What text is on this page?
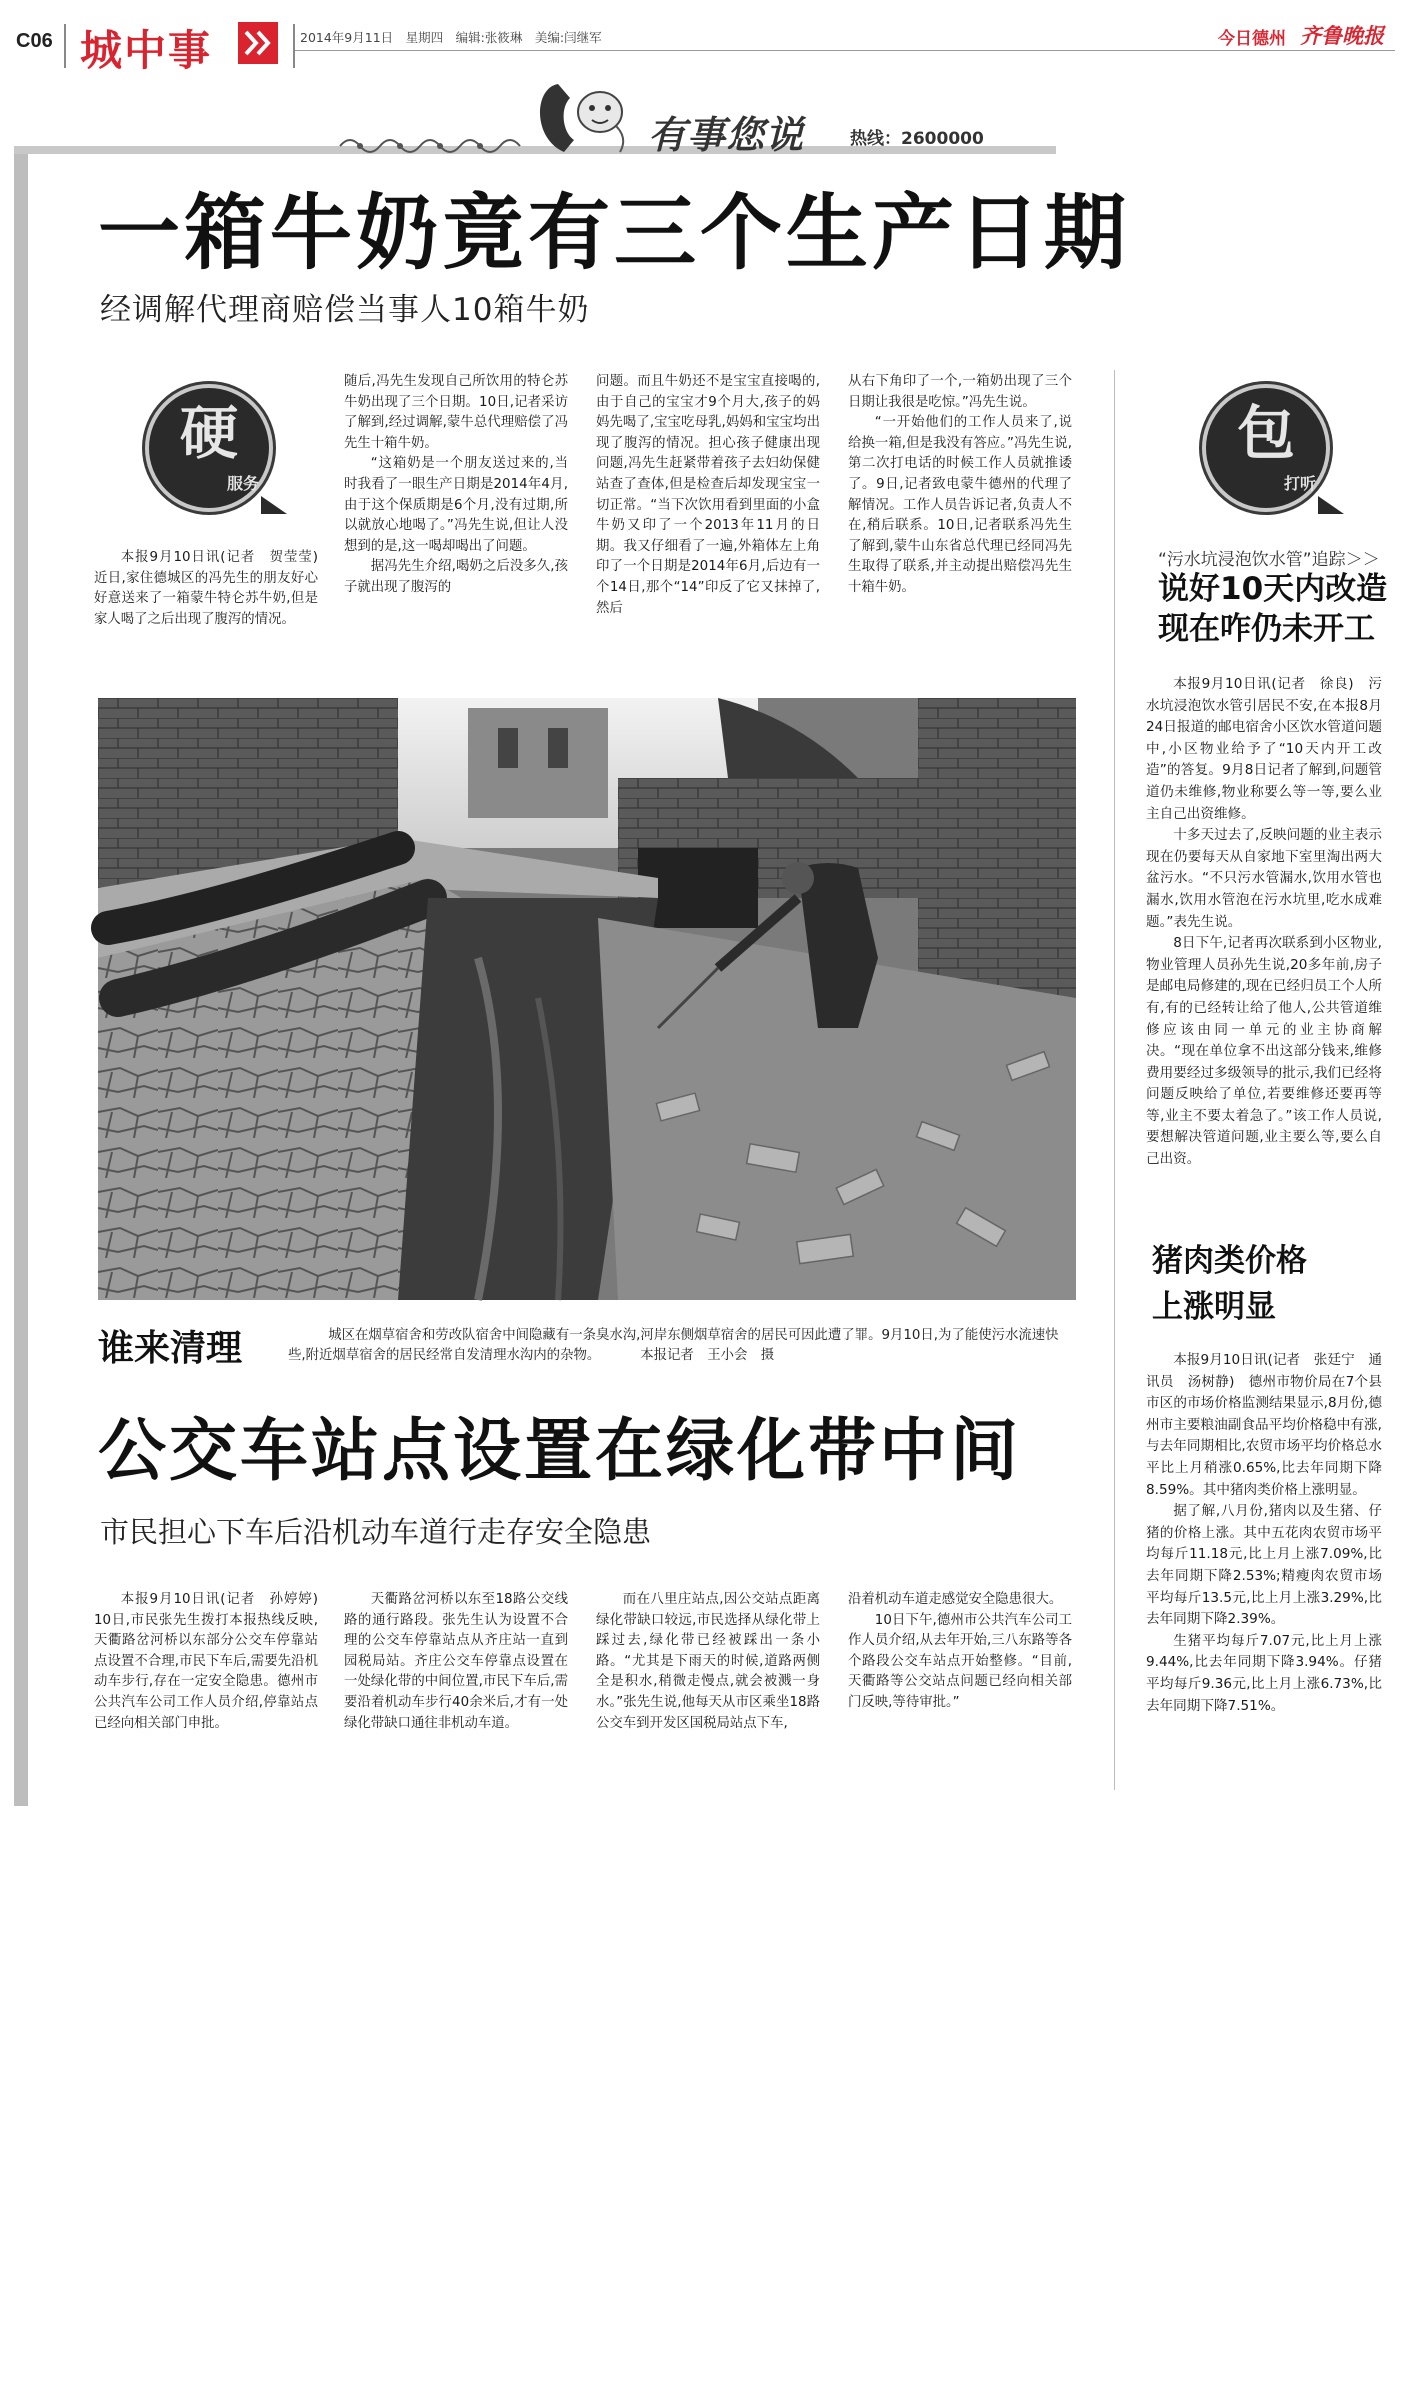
C06 城中事	2014年9月11日　星期四　编辑:张筱琳　美编:闫继军	今日德州 齐鲁晚报
有事您说	热线：2600000
一箱牛奶竟有三个生产日期
经调解代理商赔偿当事人10箱牛奶
硬
服务

本报9月10日讯(记者　贺莹莹)　近日,家住德城区的冯先生的朋友好心好意送来了一箱蒙牛特仑苏牛奶,但是家人喝了之后出现了腹泻的情况。

随后,冯先生发现自己所饮用的特仑苏牛奶出现了三个日期。10日,记者采访了解到,经过调解,蒙牛总代理赔偿了冯先生十箱牛奶。

“这箱奶是一个朋友送过来的,当时我看了一眼生产日期是2014年4月,由于这个保质期是6个月,没有过期,所以就放心地喝了。”冯先生说,但让人没想到的是,这一喝却喝出了问题。

据冯先生介绍,喝奶之后没多久,孩子就出现了腹泻的

问题。而且牛奶还不是宝宝直接喝的,由于自己的宝宝才9个月大,孩子的妈妈先喝了,宝宝吃母乳,妈妈和宝宝均出现了腹泻的情况。担心孩子健康出现问题,冯先生赶紧带着孩子去妇幼保健站查了查体,但是检查后却发现宝宝一切正常。“当下次饮用看到里面的小盒牛奶又印了一个2013年11月的日期。我又仔细看了一遍,外箱体左上角印了一个日期是2014年6月,后边有一个14日,那个“14”印反了它又抹掉了,然后

从右下角印了一个,一箱奶出现了三个日期让我很是吃惊。”冯先生说。

“一开始他们的工作人员来了,说给换一箱,但是我没有答应。”冯先生说,第二次打电话的时候工作人员就推诿了。9日,记者致电蒙牛德州的代理了解情况。工作人员告诉记者,负责人不在,稍后联系。10日,记者联系冯先生了解到,蒙牛山东省总代理已经同冯先生取得了联系,并主动提出赔偿冯先生十箱牛奶。

谁来清理	城区在烟草宿舍和劳改队宿舍中间隐藏有一条臭水沟,河岸东侧烟草宿舍的居民可因此遭了罪。9月10日,为了能使污水流速快些,附近烟草宿舍的居民经常自发清理水沟内的杂物。	本报记者　王小会　摄
公交车站点设置在绿化带中间
市民担心下车后沿机动车道行走存安全隐患

本报9月10日讯(记者　孙婷婷)　10日,市民张先生拨打本报热线反映,天衢路岔河桥以东部分公交车停靠站点设置不合理,市民下车后,需要先沿机动车步行,存在一定安全隐患。德州市公共汽车公司工作人员介绍,停靠站点已经向相关部门申批。

天衢路岔河桥以东至18路公交线路的通行路段。张先生认为设置不合理的公交车停靠站点从齐庄站一直到园税局站。齐庄公交车停靠点设置在一处绿化带的中间位置,市民下车后,需要沿着机动车步行40余米后,才有一处绿化带缺口通往非机动车道。

而在八里庄站点,因公交站点距离绿化带缺口较远,市民选择从绿化带上踩过去,绿化带已经被踩出一条小路。“尤其是下雨天的时候,道路两侧全是积水,稍微走慢点,就会被溅一身水。”张先生说,他每天从市区乘坐18路公交车到开发区国税局站点下车,

沿着机动车道走感觉安全隐患很大。

10日下午,德州市公共汽车公司工作人员介绍,从去年开始,三八东路等各个路段公交车站点开始整修。“目前,天衢路等公交站点问题已经向相关部门反映,等待审批。”

包
打听
“污水坑浸泡饮水管”追踪＞＞
说好10天内改造
现在咋仍未开工

本报9月10日讯(记者　徐良)　污水坑浸泡饮水管引居民不安,在本报8月24日报道的邮电宿舍小区饮水管道问题中,小区物业给予了“10天内开工改造”的答复。9月8日记者了解到,问题管道仍未维修,物业称要么等一等,要么业主自己出资维修。

十多天过去了,反映问题的业主表示现在仍要每天从自家地下室里淘出两大盆污水。“不只污水管漏水,饮用水管也漏水,饮用水管泡在污水坑里,吃水成难题。”表先生说。

8日下午,记者再次联系到小区物业,物业管理人员孙先生说,20多年前,房子是邮电局修建的,现在已经归员工个人所有,有的已经转让给了他人,公共管道维修应该由同一单元的业主协商解决。“现在单位拿不出这部分钱来,维修费用要经过多级领导的批示,我们已经将问题反映给了单位,若要维修还要再等等,业主不要太着急了。”该工作人员说,要想解决管道问题,业主要么等,要么自己出资。

猪肉类价格
上涨明显

本报9月10日讯(记者　张廷宁　通讯员　汤树静)　德州市物价局在7个县市区的市场价格监测结果显示,8月份,德州市主要粮油副食品平均价格稳中有涨,与去年同期相比,农贸市场平均价格总水平比上月稍涨0.65%,比去年同期下降8.59%。其中猪肉类价格上涨明显。

据了解,八月份,猪肉以及生猪、仔猪的价格上涨。其中五花肉农贸市场平均每斤11.18元,比上月上涨7.09%,比去年同期下降2.53%;精瘦肉农贸市场平均每斤13.5元,比上月上涨3.29%,比去年同期下降2.39%。

生猪平均每斤7.07元,比上月上涨9.44%,比去年同期下降3.94%。仔猪平均每斤9.36元,比上月上涨6.73%,比去年同期下降7.51%。
